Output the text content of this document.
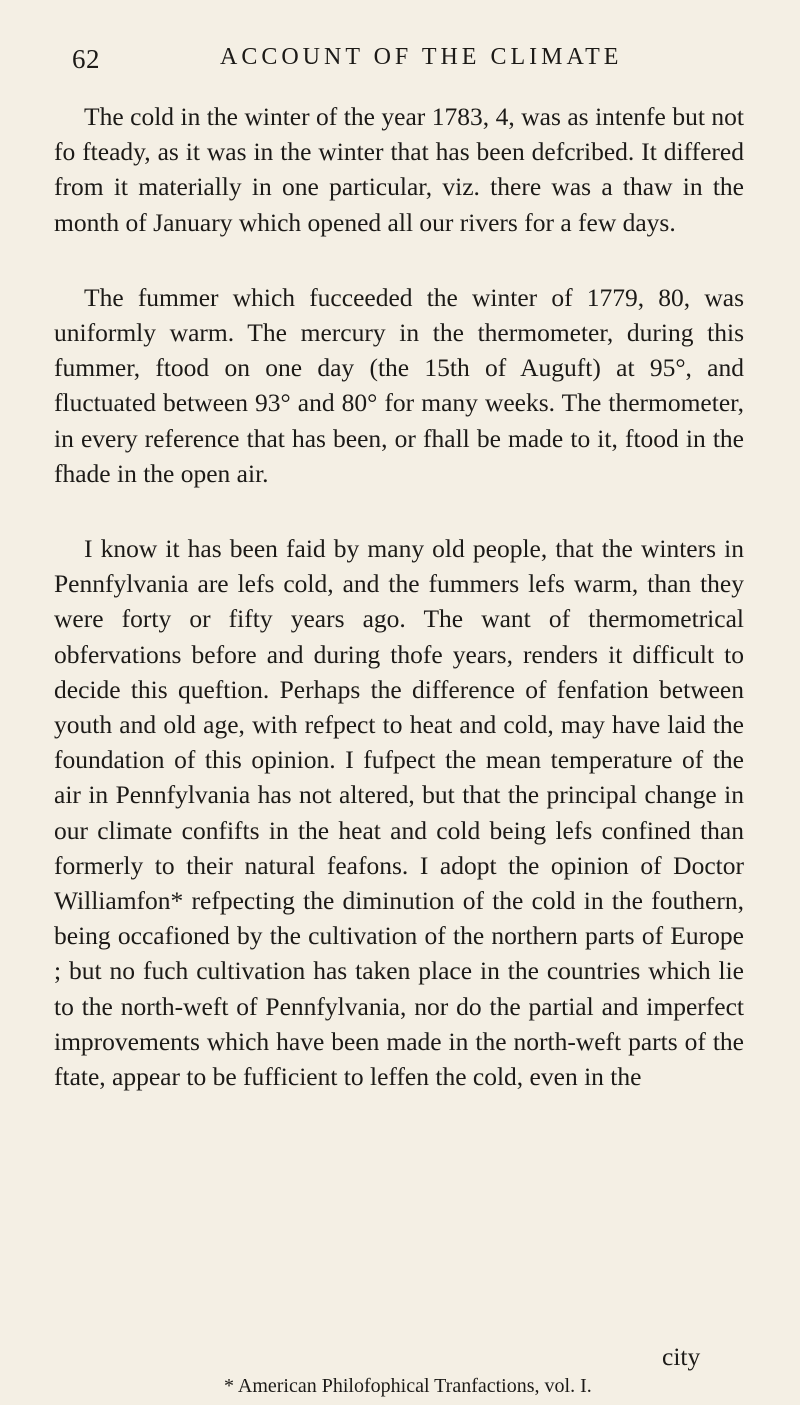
62	ACCOUNT OF THE CLIMATE

The cold in the winter of the year 1783, 4, was as intenfe but not fo fteady, as it was in the winter that has been defcribed. It differed from it materially in one particular, viz. there was a thaw in the month of January which opened all our rivers for a few days.

The fummer which fucceeded the winter of 1779, 80, was uniformly warm. The mercury in the thermometer, during this fummer, ftood on one day (the 15th of Auguft) at 95°, and fluctuated between 93° and 80° for many weeks. The thermometer, in every reference that has been, or fhall be made to it, ftood in the fhade in the open air.

I know it has been faid by many old people, that the winters in Pennfylvania are lefs cold, and the fummers lefs warm, than they were forty or fifty years ago. The want of thermometrical obfervations before and during thofe years, renders it difficult to decide this queftion. Perhaps the difference of fenfation between youth and old age, with refpect to heat and cold, may have laid the foundation of this opinion. I fufpect the mean temperature of the air in Pennfylvania has not altered, but that the principal change in our climate confifts in the heat and cold being lefs confined than formerly to their natural feafons. I adopt the opinion of Doctor Williamfon* refpecting the diminution of the cold in the fouthern, being occafioned by the cultivation of the northern parts of Europe ; but no fuch cultivation has taken place in the countries which lie to the north-weft of Pennfylvania, nor do the partial and imperfect improvements which have been made in the north-weft parts of the ftate, appear to be fufficient to leffen the cold, even in the

city
* American Philofophical Tranfactions, vol. I.
